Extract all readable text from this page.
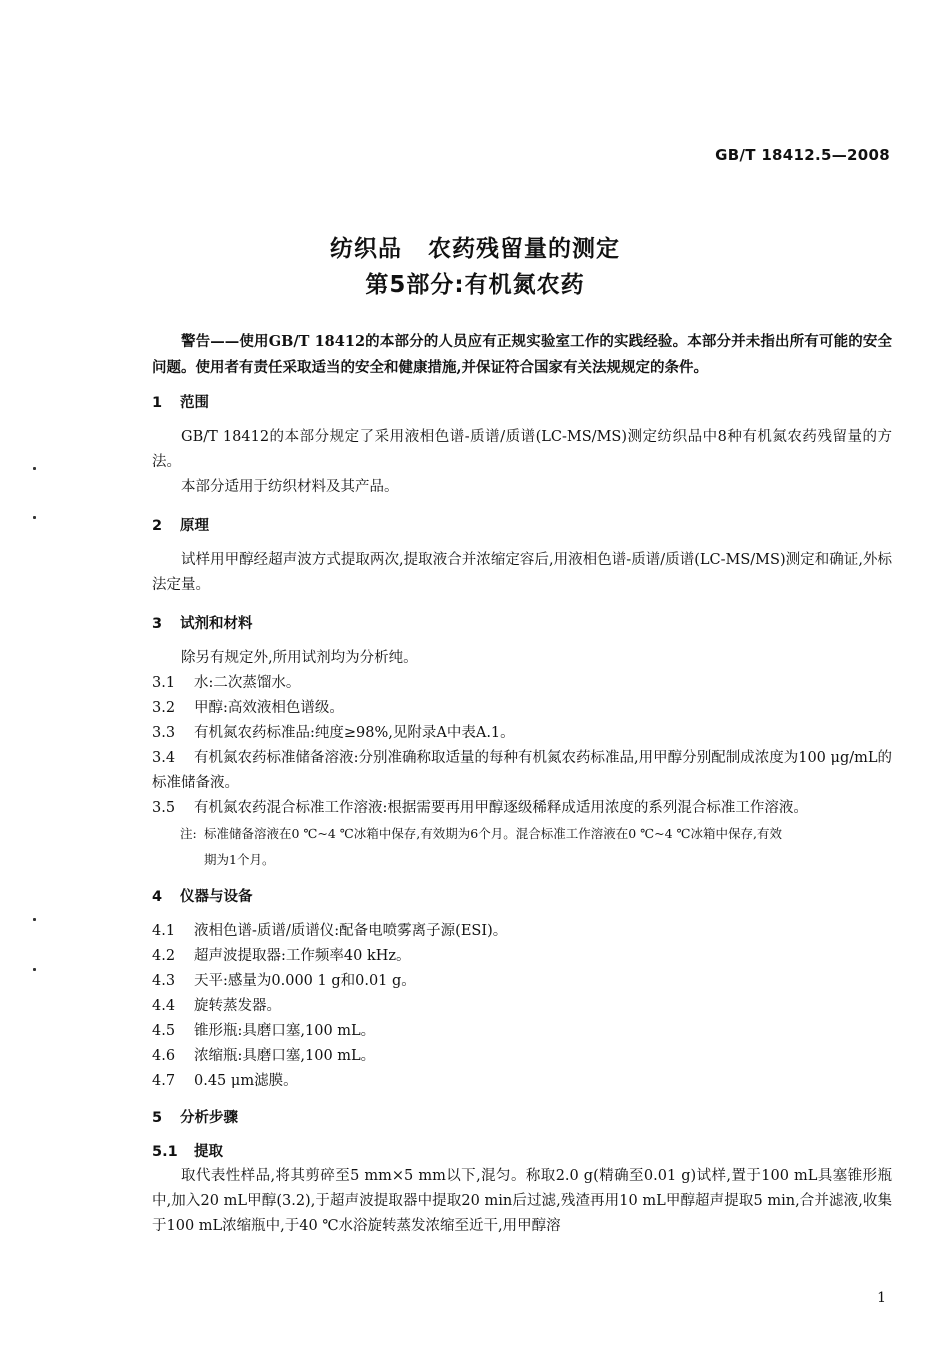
GB/T 18412.5—2008
纺织品 农药残留量的测定
第5部分:有机氮农药
警告——使用GB/T 18412的本部分的人员应有正规实验室工作的实践经验。本部分并未指出所有可能的安全问题。使用者有责任采取适当的安全和健康措施,并保证符合国家有关法规规定的条件。
1 范围
GB/T 18412的本部分规定了采用液相色谱-质谱/质谱(LC-MS/MS)测定纺织品中8种有机氮农药残留量的方法。
本部分适用于纺织材料及其产品。
2 原理
试样用甲醇经超声波方式提取两次,提取液合并浓缩定容后,用液相色谱-质谱/质谱(LC-MS/MS)测定和确证,外标法定量。
3 试剂和材料
除另有规定外,所用试剂均为分析纯。
3.1 水:二次蒸馏水。
3.2 甲醇:高效液相色谱级。
3.3 有机氮农药标准品:纯度≥98%,见附录A中表A.1。
3.4 有机氮农药标准储备溶液:分别准确称取适量的每种有机氮农药标准品,用甲醇分别配制成浓度为100 μg/mL的标准储备液。
3.5 有机氮农药混合标准工作溶液:根据需要再用甲醇逐级稀释成适用浓度的系列混合标准工作溶液。
注: 标准储备溶液在0 ℃~4 ℃冰箱中保存,有效期为6个月。混合标准工作溶液在0 ℃~4 ℃冰箱中保存,有效
期为1个月。
4 仪器与设备
4.1 液相色谱-质谱/质谱仪:配备电喷雾离子源(ESI)。
4.2 超声波提取器:工作频率40 kHz。
4.3 天平:感量为0.000 1 g和0.01 g。
4.4 旋转蒸发器。
4.5 锥形瓶:具磨口塞,100 mL。
4.6 浓缩瓶:具磨口塞,100 mL。
4.7 0.45 μm滤膜。
5 分析步骤
5.1 提取
取代表性样品,将其剪碎至5 mm×5 mm以下,混匀。称取2.0 g(精确至0.01 g)试样,置于100 mL具塞锥形瓶中,加入20 mL甲醇(3.2),于超声波提取器中提取20 min后过滤,残渣再用10 mL甲醇超声提取5 min,合并滤液,收集于100 mL浓缩瓶中,于40 ℃水浴旋转蒸发浓缩至近干,用甲醇溶
1
